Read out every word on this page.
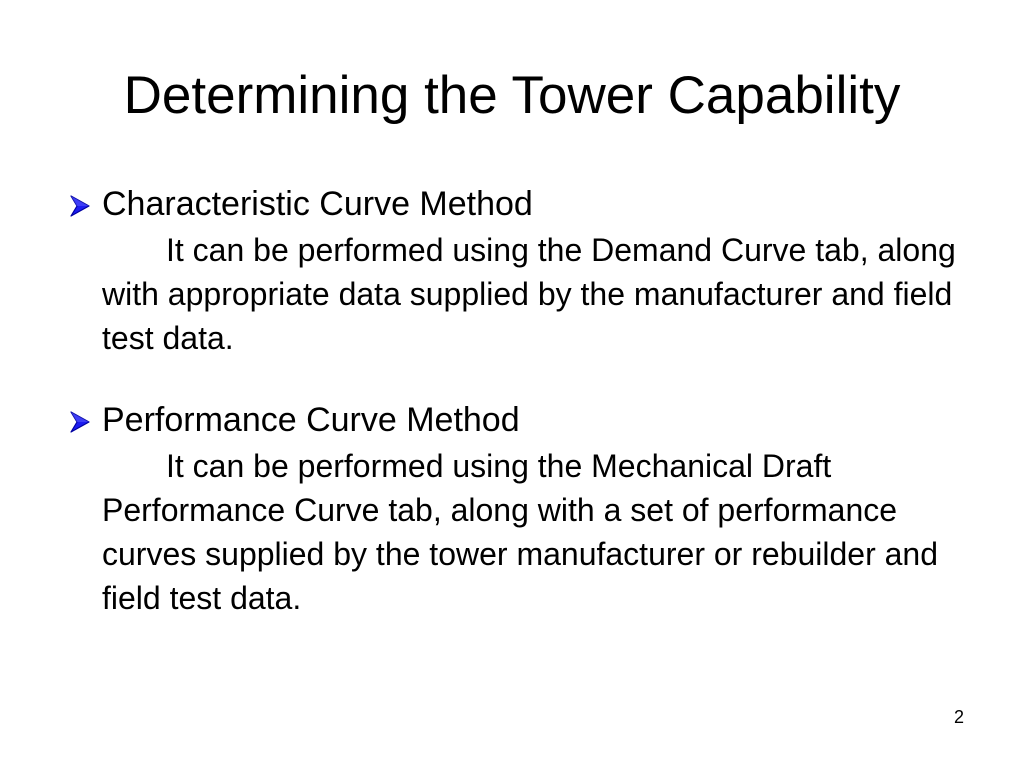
Determining the Tower Capability
Characteristic Curve Method
It can be performed using the Demand Curve tab, along with appropriate data supplied by the manufacturer and field test data.
Performance Curve Method
It can be performed using the Mechanical Draft Performance Curve tab, along with a set of performance curves supplied by the tower manufacturer or rebuilder and field test data.
2
